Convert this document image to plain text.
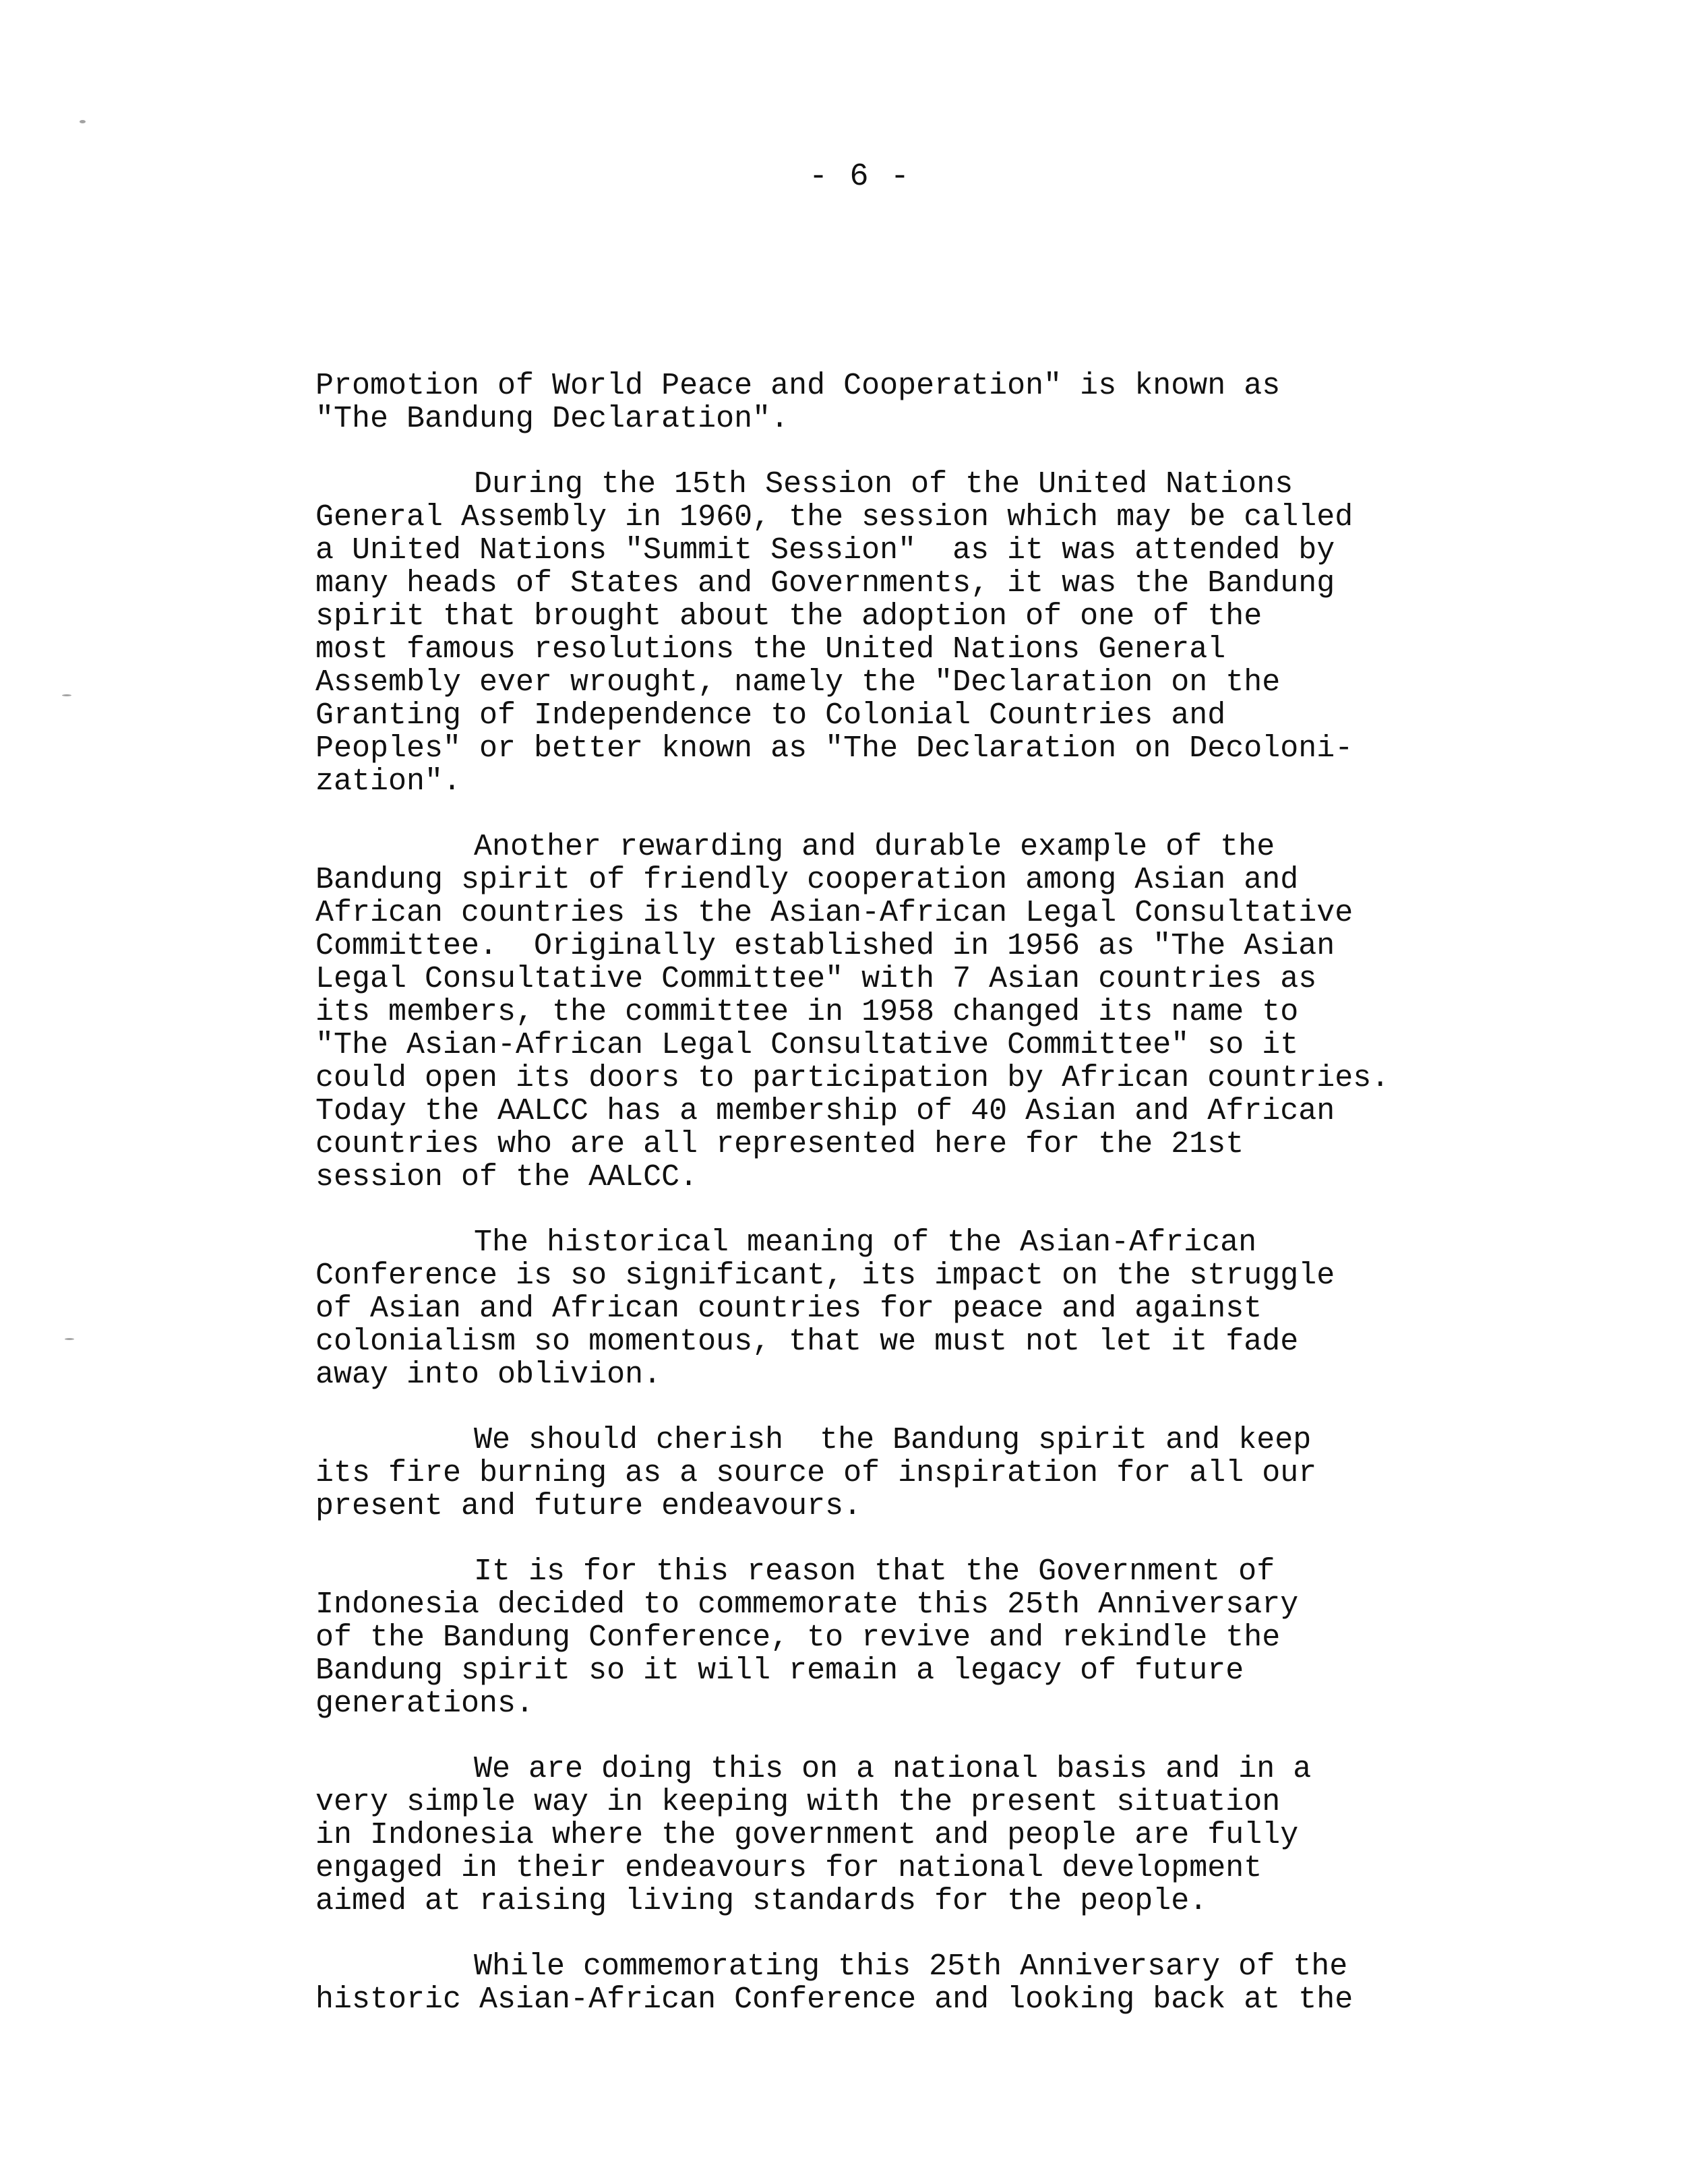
- 6 -
Promotion of World Peace and Cooperation" is known as
"The Bandung Declaration".
During the 15th Session of the United Nations
General Assembly in 1960, the session which may be called
a United Nations "Summit Session"  as it was attended by
many heads of States and Governments, it was the Bandung
spirit that brought about the adoption of one of the
most famous resolutions the United Nations General
Assembly ever wrought, namely the "Declaration on the
Granting of Independence to Colonial Countries and
Peoples" or better known as "The Declaration on Decoloni-
zation".
Another rewarding and durable example of the
Bandung spirit of friendly cooperation among Asian and
African countries is the Asian-African Legal Consultative
Committee.  Originally established in 1956 as "The Asian
Legal Consultative Committee" with 7 Asian countries as
its members, the committee in 1958 changed its name to
"The Asian-African Legal Consultative Committee" so it
could open its doors to participation by African countries.
Today the AALCC has a membership of 40 Asian and African
countries who are all represented here for the 21st
session of the AALCC.
The historical meaning of the Asian-African
Conference is so significant, its impact on the struggle
of Asian and African countries for peace and against
colonialism so momentous, that we must not let it fade
away into oblivion.
We should cherish  the Bandung spirit and keep
its fire burning as a source of inspiration for all our
present and future endeavours.
It is for this reason that the Government of
Indonesia decided to commemorate this 25th Anniversary
of the Bandung Conference, to revive and rekindle the
Bandung spirit so it will remain a legacy of future
generations.
We are doing this on a national basis and in a
very simple way in keeping with the present situation
in Indonesia where the government and people are fully
engaged in their endeavours for national development
aimed at raising living standards for the people.
While commemorating this 25th Anniversary of the
historic Asian-African Conference and looking back at the
